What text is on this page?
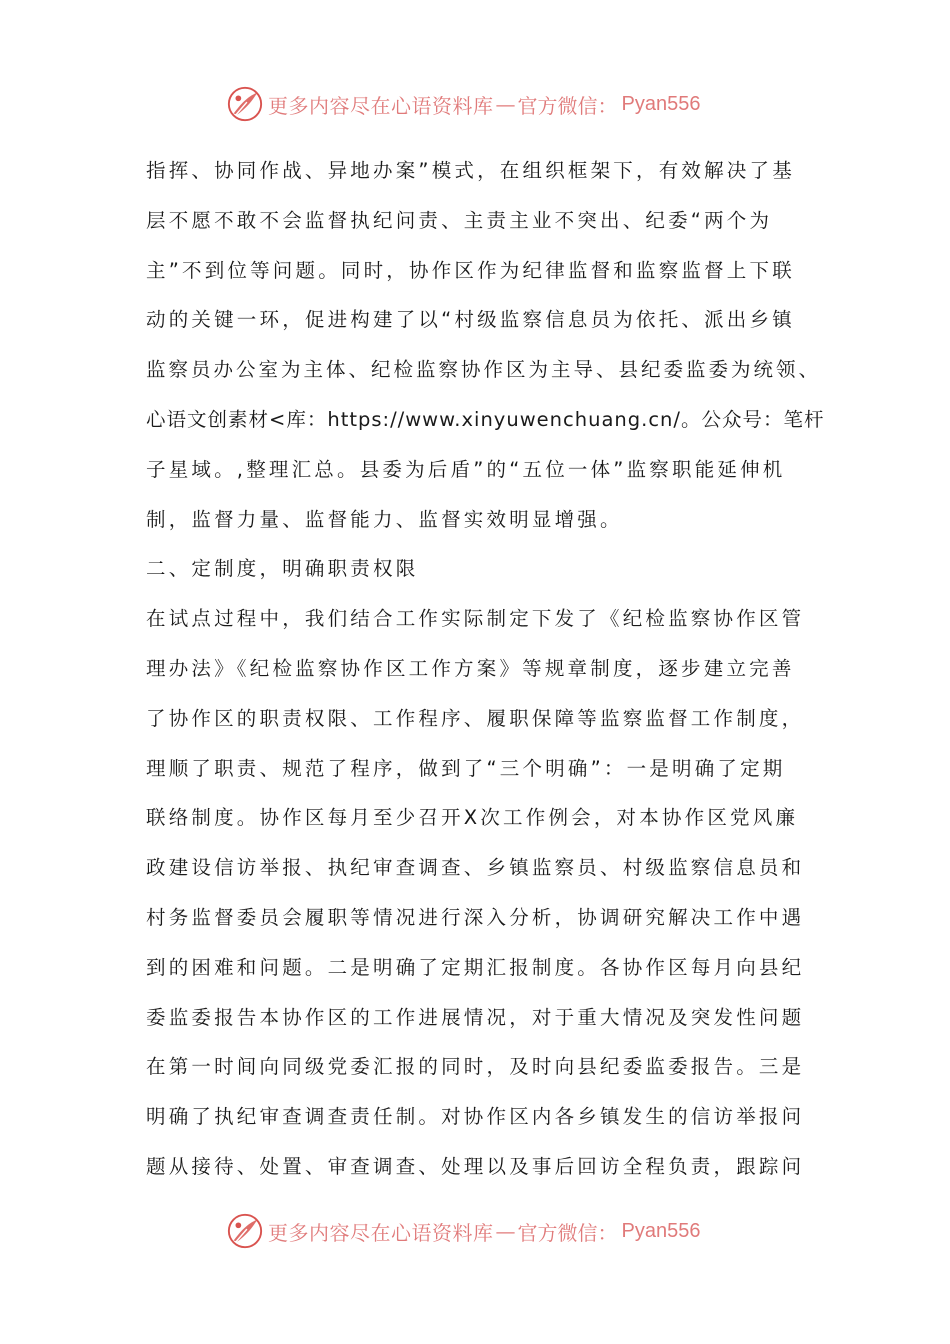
更多内容尽在心语资料库 — 官方微信： Pyan556
指挥、协同作战、异地办案”模式，在组织框架下，有效解决了基
层不愿不敢不会监督执纪问责、主责主业不突出、纪委“两个为
主”不到位等问题。同时，协作区作为纪律监督和监察监督上下联
动的关键一环，促进构建了以“村级监察信息员为依托、派出乡镇
监察员办公室为主体、纪检监察协作区为主导、县纪委监委为统领、
心语文创素材<库：https://www.xinyuwenchuang.cn/。公众号：笔杆
子星域。,整理汇总。县委为后盾”的“五位一体”监察职能延伸机
制，监督力量、监督能力、监督实效明显增强。
二、定制度，明确职责权限
在试点过程中，我们结合工作实际制定下发了《纪检监察协作区管
理办法》《纪检监察协作区工作方案》等规章制度，逐步建立完善
了协作区的职责权限、工作程序、履职保障等监察监督工作制度，
理顺了职责、规范了程序，做到了“三个明确”：一是明确了定期
联络制度。协作区每月至少召开X次工作例会，对本协作区党风廉
政建设信访举报、执纪审查调查、乡镇监察员、村级监察信息员和
村务监督委员会履职等情况进行深入分析，协调研究解决工作中遇
到的困难和问题。二是明确了定期汇报制度。各协作区每月向县纪
委监委报告本协作区的工作进展情况，对于重大情况及突发性问题
在第一时间向同级党委汇报的同时，及时向县纪委监委报告。三是
明确了执纪审查调查责任制。对协作区内各乡镇发生的信访举报问
题从接待、处置、审查调查、处理以及事后回访全程负责，跟踪问
更多内容尽在心语资料库 — 官方微信： Pyan556
